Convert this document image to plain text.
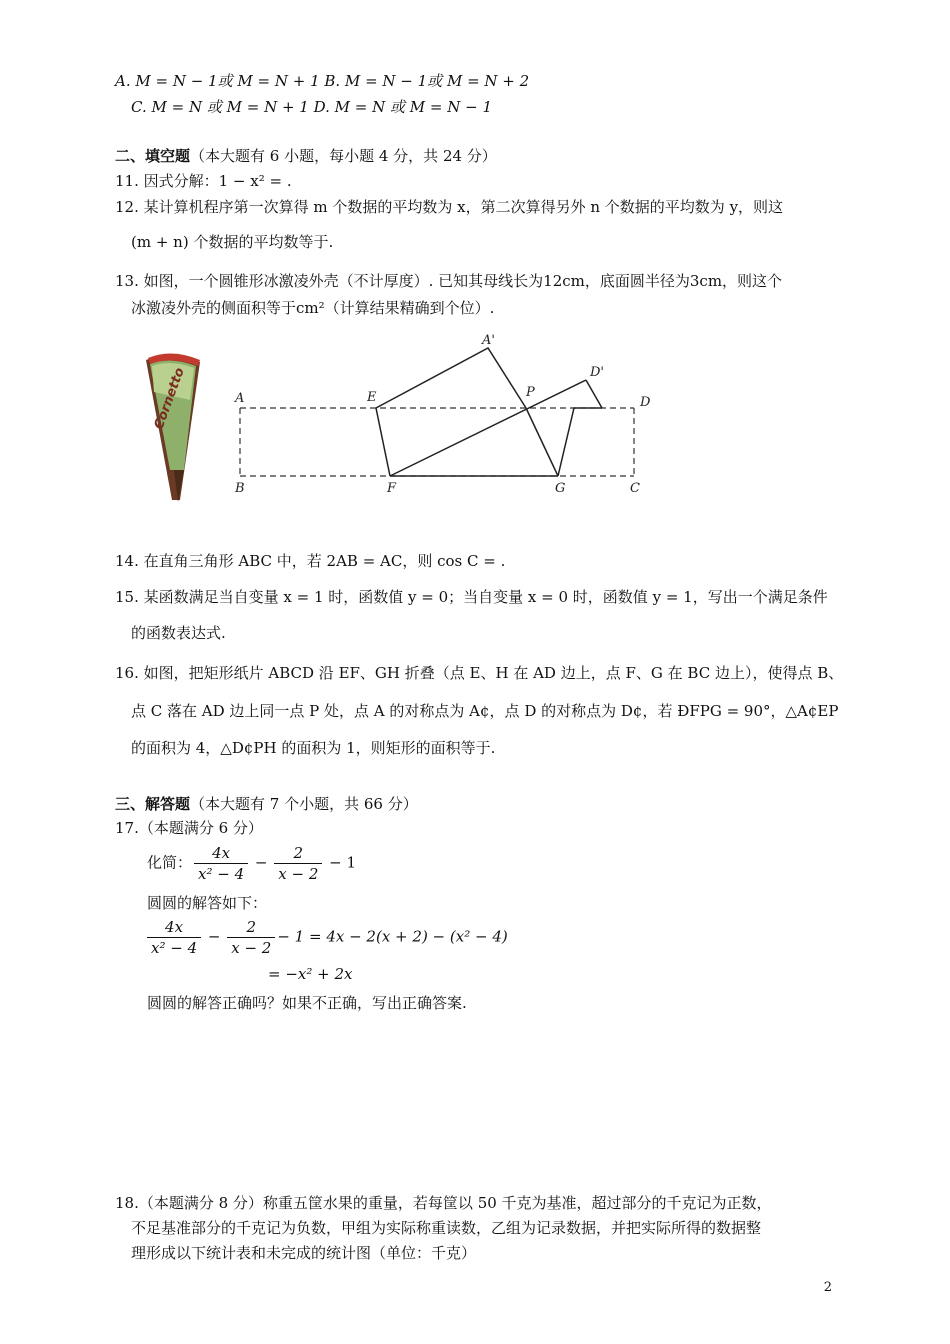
A. M = N − 1或 M = N + 1 B. M = N − 1或 M = N + 2
C. M = N 或 M = N + 1 D. M = N 或 M = N − 1
二、填空题（本大题有 6 小题，每小题 4 分，共 24 分）
11. 因式分解：1 − x² = .
12. 某计算机程序第一次算得 m 个数据的平均数为 x，第二次算得另外 n 个数据的平均数为 y，则这
(m + n) 个数据的平均数等于.
13. 如图，一个圆锥形冰激凌外壳（不计厚度）. 已知其母线长为12cm，底面圆半径为3cm，则这个
冰激凌外壳的侧面积等于cm²（计算结果精确到个位）.
Cornetto	A
B	C
D
E
F	G
P
A'
D'
14. 在直角三角形 ABC 中，若 2AB = AC，则 cos C = .
15. 某函数满足当自变量 x = 1 时，函数值 y = 0；当自变量 x = 0 时，函数值 y = 1，写出一个满足条件
的函数表达式.
16. 如图，把矩形纸片 ABCD 沿 EF、GH 折叠（点 E、H 在 AD 边上，点 F、G 在 BC 边上），使得点 B、
点 C 落在 AD 边上同一点 P 处，点 A 的对称点为 A¢，点 D 的对称点为 D¢，若 ÐFPG = 90°，△A¢EP
的面积为 4，△D¢PH 的面积为 1，则矩形的面积等于.
三、解答题（本大题有 7 个小题，共 66 分）
17.（本题满分 6 分）
化简： $\frac{4x}{\text{x² − 4}} - \frac{2}{x - 2} - 1$
圆圆的解答如下：
$\frac{4x}{\text{x² − 4}} - \frac{2}{x - 2} - 1 = 4x - 2(x + 2) - (x^2 - 4)$
= −x² + 2x
圆圆的解答正确吗？如果不正确，写出正确答案.
18.（本题满分 8 分）称重五筐水果的重量，若每筐以 50 千克为基准，超过部分的千克记为正数，
不足基准部分的千克记为负数，甲组为实际称重读数，乙组为记录数据，并把实际所得的数据整
理形成以下统计表和未完成的统计图（单位：千克）
2
